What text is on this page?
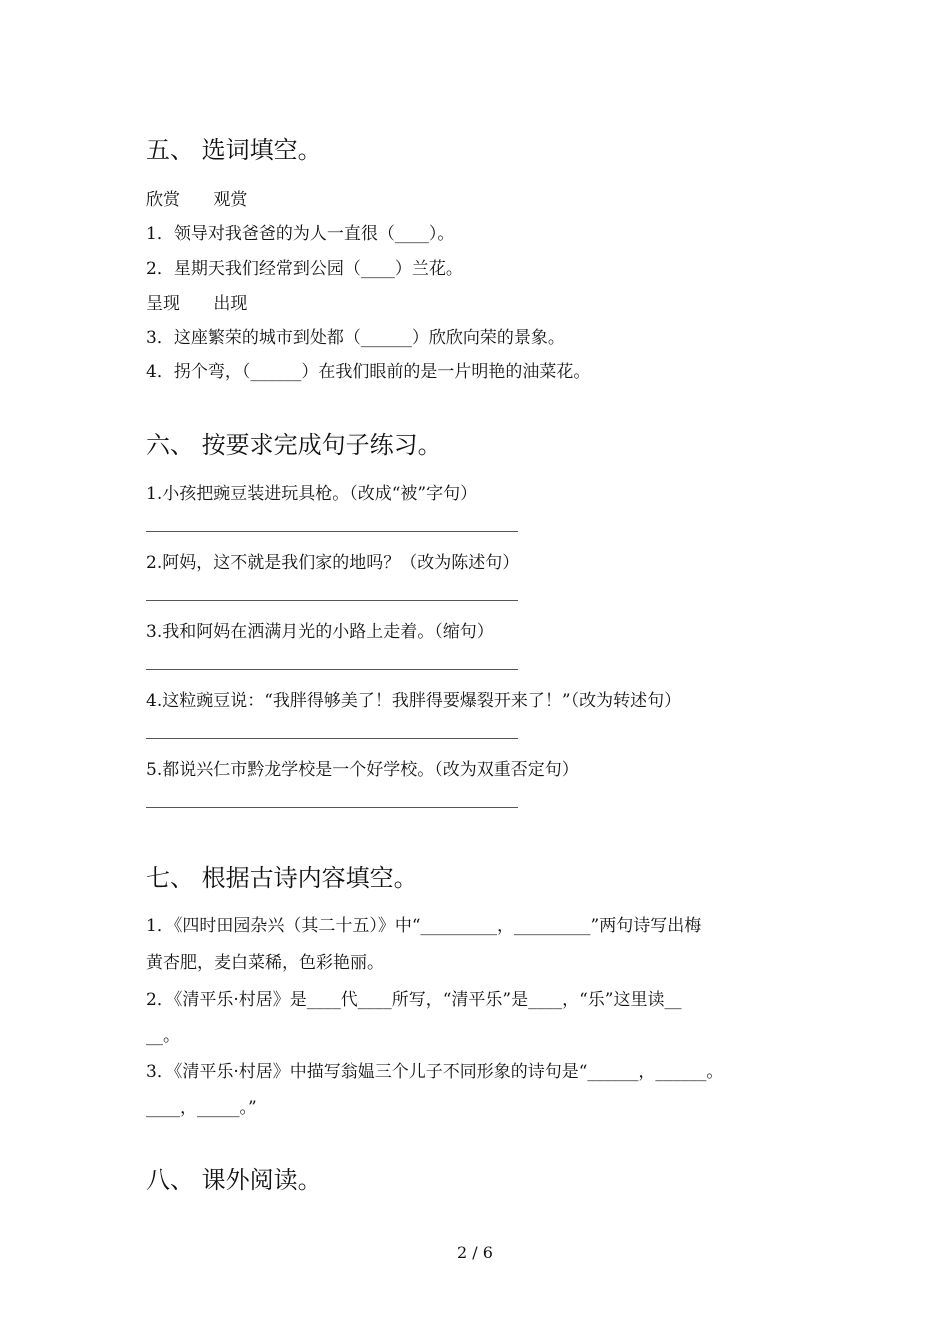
五、 选词填空。
欣赏 观赏
1．领导对我爸爸的为人一直很（____）。
2．星期天我们经常到公园（____）兰花。
呈现 出现
3．这座繁荣的城市到处都（______）欣欣向荣的景象。
4．拐个弯，（______）在我们眼前的是一片明艳的油菜花。
六、 按要求完成句子练习。
1.小孩把豌豆装进玩具枪。（改成“被”字句）
2.阿妈，这不就是我们家的地吗？（改为陈述句）
3.我和阿妈在洒满月光的小路上走着。（缩句）
4.这粒豌豆说：“我胖得够美了！我胖得要爆裂开来了！”（改为转述句）
5.都说兴仁市黔龙学校是一个好学校。（改为双重否定句）
七、 根据古诗内容填空。
1．《四时田园杂兴（其二十五）》中“_________，_________”两句诗写出梅
黄杏肥，麦白菜稀，色彩艳丽。
2．《清平乐·村居》是____代____所写，“清平乐”是____，“乐”这里读__
__。
3．《清平乐·村居》中描写翁媪三个儿子不同形象的诗句是“______，______。
____，_____。”
八、 课外阅读。
2 / 6
